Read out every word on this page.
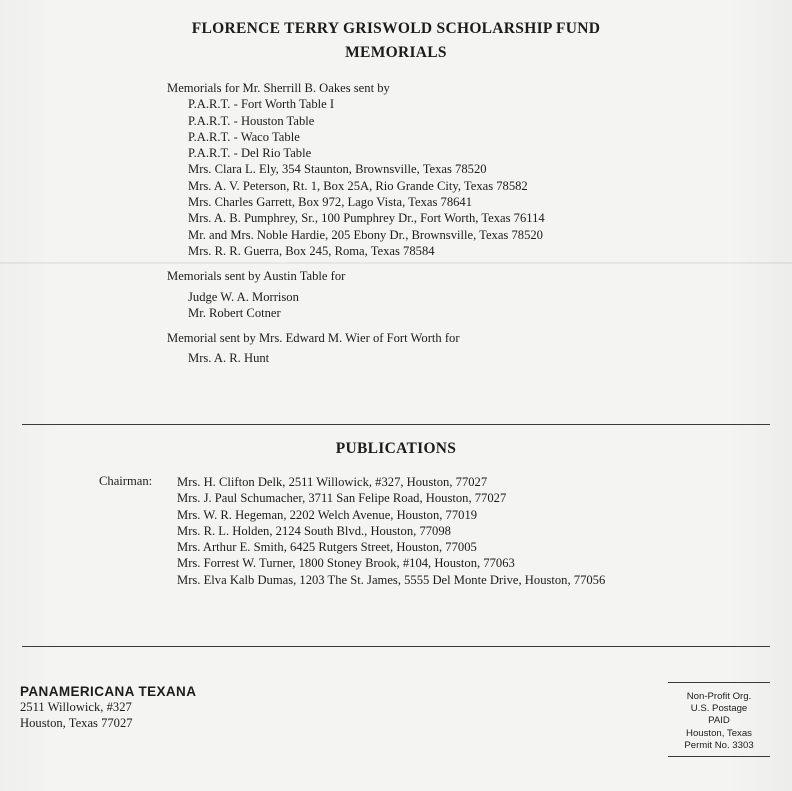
FLORENCE TERRY GRISWOLD SCHOLARSHIP FUND
MEMORIALS
Memorials for Mr. Sherrill B. Oakes sent by
P.A.R.T. - Fort Worth Table I
P.A.R.T. - Houston Table
P.A.R.T. - Waco Table
P.A.R.T. - Del Rio Table
Mrs. Clara L. Ely, 354 Staunton, Brownsville, Texas 78520
Mrs. A. V. Peterson, Rt. 1, Box 25A, Rio Grande City, Texas 78582
Mrs. Charles Garrett, Box 972, Lago Vista, Texas 78641
Mrs. A. B. Pumphrey, Sr., 100 Pumphrey Dr., Fort Worth, Texas 76114
Mr. and Mrs. Noble Hardie, 205 Ebony Dr., Brownsville, Texas 78520
Mrs. R. R. Guerra, Box 245, Roma, Texas 78584
Memorials sent by Austin Table for
Judge W. A. Morrison
Mr. Robert Cotner
Memorial sent by Mrs. Edward M. Wier of Fort Worth for
Mrs. A. R. Hunt
PUBLICATIONS
Chairman: Mrs. H. Clifton Delk, 2511 Willowick, #327, Houston, 77027
Mrs. J. Paul Schumacher, 3711 San Felipe Road, Houston, 77027
Mrs. W. R. Hegeman, 2202 Welch Avenue, Houston, 77019
Mrs. R. L. Holden, 2124 South Blvd., Houston, 77098
Mrs. Arthur E. Smith, 6425 Rutgers Street, Houston, 77005
Mrs. Forrest W. Turner, 1800 Stoney Brook, #104, Houston, 77063
Mrs. Elva Kalb Dumas, 1203 The St. James, 5555 Del Monte Drive, Houston, 77056
PANAMERICANA TEXANA
2511 Willowick, #327
Houston, Texas 77027
Non-Profit Org.
U.S. Postage
PAID
Houston, Texas
Permit No. 3303
